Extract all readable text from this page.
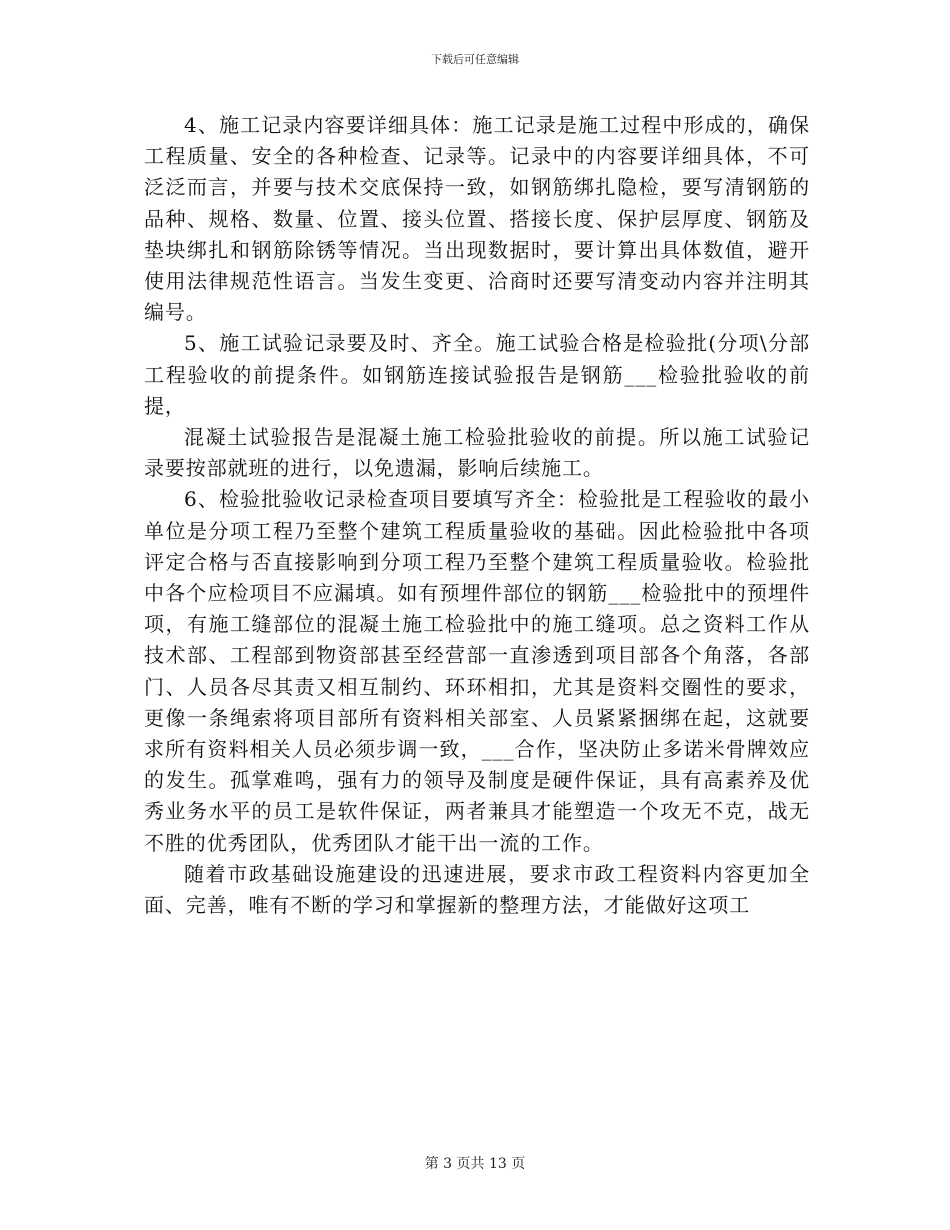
下载后可任意编辑

4、施工记录内容要详细具体：施工记录是施工过程中形成的，确保工程质量、安全的各种检查、记录等。记录中的内容要详细具体，不可泛泛而言，并要与技术交底保持一致，如钢筋绑扎隐检，要写清钢筋的品种、规格、数量、位置、接头位置、搭接长度、保护层厚度、钢筋及垫块绑扎和钢筋除锈等情况。当出现数据时，要计算出具体数值，避开使用法律规范性语言。当发生变更、洽商时还要写清变动内容并注明其编号。

5、施工试验记录要及时、齐全。施工试验合格是检验批(分项\分部工程验收的前提条件。如钢筋连接试验报告是钢筋___检验批验收的前提，

混凝土试验报告是混凝土施工检验批验收的前提。所以施工试验记录要按部就班的进行，以免遗漏，影响后续施工。

6、检验批验收记录检查项目要填写齐全：检验批是工程验收的最小单位是分项工程乃至整个建筑工程质量验收的基础。因此检验批中各项评定合格与否直接影响到分项工程乃至整个建筑工程质量验收。检验批中各个应检项目不应漏填。如有预埋件部位的钢筋___检验批中的预埋件项，有施工缝部位的混凝土施工检验批中的施工缝项。总之资料工作从技术部、工程部到物资部甚至经营部一直渗透到项目部各个角落，各部门、人员各尽其责又相互制约、环环相扣，尤其是资料交圈性的要求，更像一条绳索将项目部所有资料相关部室、人员紧紧捆绑在起，这就要求所有资料相关人员必须步调一致，___合作，坚决防止多诺米骨牌效应的发生。孤掌难鸣，强有力的领导及制度是硬件保证，具有高素养及优秀业务水平的员工是软件保证，两者兼具才能塑造一个攻无不克，战无不胜的优秀团队，优秀团队才能干出一流的工作。

随着市政基础设施建设的迅速进展，要求市政工程资料内容更加全面、完善，唯有不断的学习和掌握新的整理方法，才能做好这项工

第 3 页共 13 页
